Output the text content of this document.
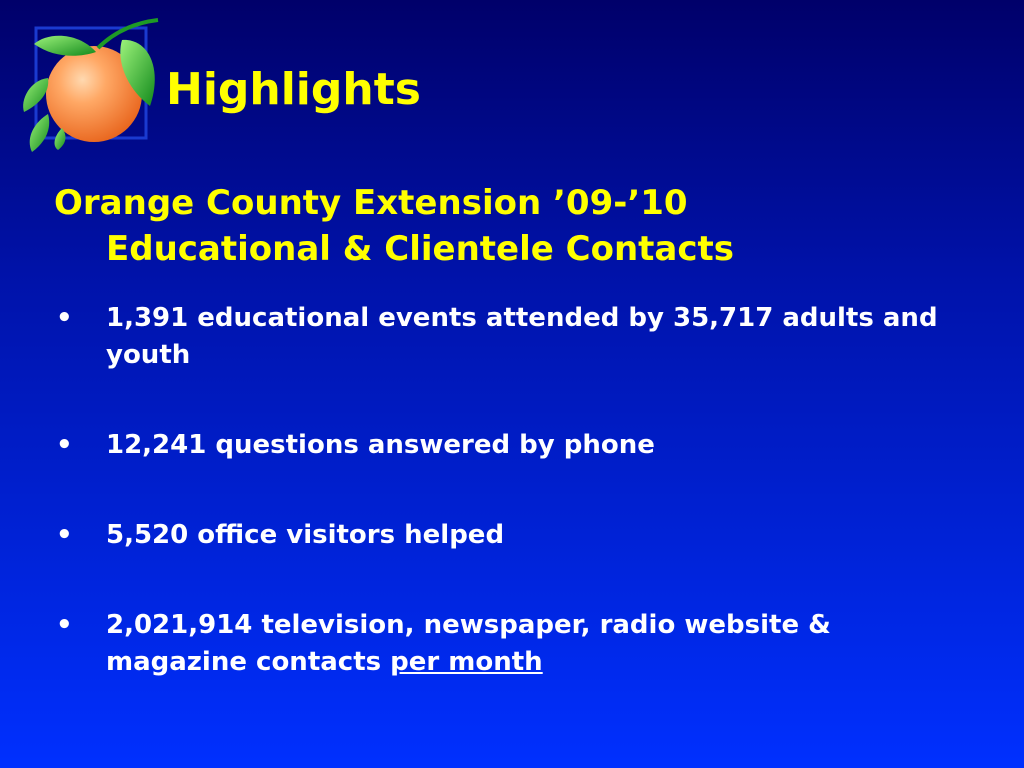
Highlights
Orange County Extension ’09-’10
Educational & Clientele Contacts
• 1,391 educational events attended by 35,717 adults and youth
• 12,241 questions answered by phone
• 5,520 office visitors helped
• 2,021,914 television, newspaper, radio website & magazine contacts per month
